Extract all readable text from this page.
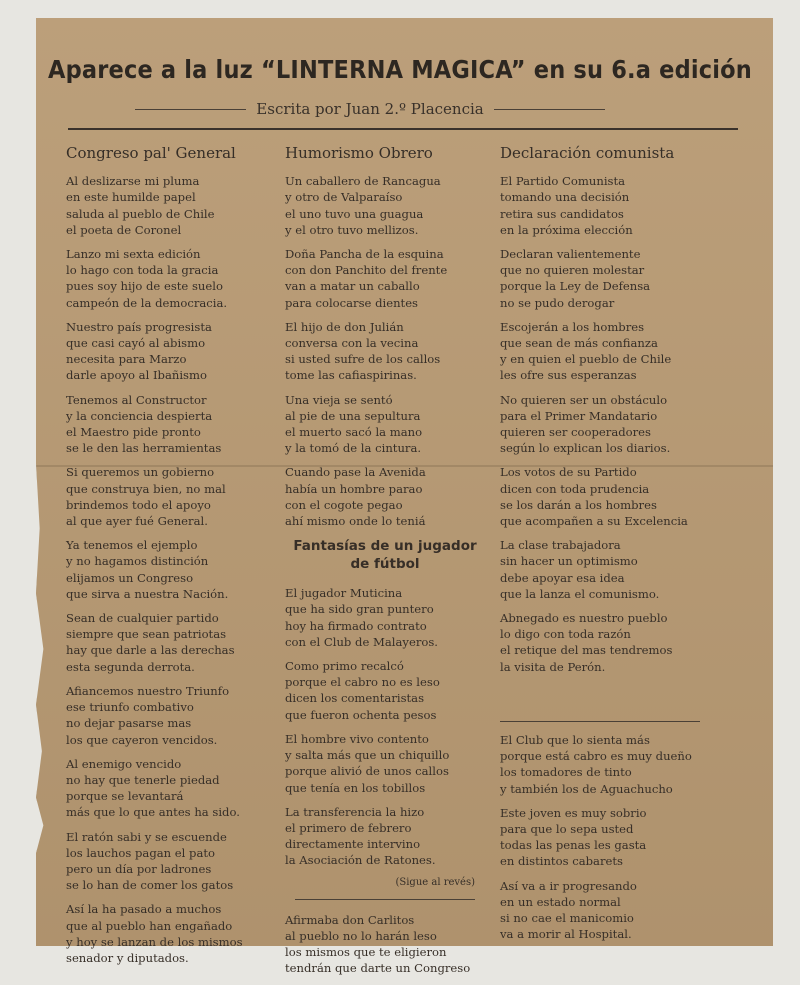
Aparece a la luz “LINTERNA MAGICA” en su 6.a edición
Escrita por Juan 2.º Placencia
Congreso pal' General
Al deslizarse mi pluma
en este humilde papel
saluda al pueblo de Chile
el poeta de Coronel
Lanzo mi sexta edición
lo hago con toda la gracia
pues soy hijo de este suelo
campeón de la democracia.
Nuestro país progresista
que casi cayó al abismo
necesita para Marzo
darle apoyo al Ibañismo
Tenemos al Constructor
y la conciencia despierta
el Maestro pide pronto
se le den las herramientas
Si queremos un gobierno
que construya bien, no mal
brindemos todo el apoyo
al que ayer fué General.
Ya tenemos el ejemplo
y no hagamos distinción
elijamos un Congreso
que sirva a nuestra Nación.
Sean de cualquier partido
siempre que sean patriotas
hay que darle a las derechas
esta segunda derrota.
Afiancemos nuestro Triunfo
ese triunfo combativo
no dejar pasarse mas
los que cayeron vencidos.
Al enemigo vencido
no hay que tenerle piedad
porque se levantará
más que lo que antes ha sido.
El ratón sabi y se escuende
los lauchos pagan el pato
pero un día por ladrones
se lo han de comer los gatos
Así la ha pasado a muchos
que al pueblo han engañado
y hoy se lanzan de los mismos
senador y diputados.
Humorismo Obrero
Un caballero de Rancagua
y otro de Valparaíso
el uno tuvo una guagua
y el otro tuvo mellizos.
Doña Pancha de la esquina
con don Panchito del frente
van a matar un caballo
para colocarse dientes
El hijo de don Julián
conversa con la vecina
si usted sufre de los callos
tome las cafiaspirinas.
Una vieja se sentó
al pie de una sepultura
el muerto sacó la mano
y la tomó de la cintura.
Cuando pase la Avenida
había un hombre parao
con el cogote pegao
ahí mismo onde lo teniá
Fantasías de un jugador de fútbol
El jugador Muticina
que ha sido gran puntero
hoy ha firmado contrato
con el Club de Malayeros.
Como primo recalcó
porque el cabro no es leso
dicen los comentaristas
que fueron ochenta pesos
El hombre vivo contento
y salta más que un chiquillo
porque alivió de unos callos
que tenía en los tobillos
La transferencia la hizo
el primero de febrero
directamente intervino
la Asociación de Ratones.
(Sigue al revés)
Afirmaba don Carlitos
al pueblo no lo harán leso
los mismos que te eligieron
tendrán que darte un Congreso
Declaración comunista
El Partido Comunista
tomando una decisión
retira sus candidatos
en la próxima elección
Declaran valientemente
que no quieren molestar
porque la Ley de Defensa
no se pudo derogar
Escojerán a los hombres
que sean de más confianza
y en quien el pueblo de Chile
les ofre sus esperanzas
No quieren ser un obstáculo
para el Primer Mandatario
quieren ser cooperadores
según lo explican los diarios.
Los votos de su Partido
dicen con toda prudencia
se los darán a los hombres
que acompañen a su Excelencia
La clase trabajadora
sin hacer un optimismo
debe apoyar esa idea
que la lanza el comunismo.
Abnegado es nuestro pueblo
lo digo con toda razón
el retique del mas tendremos
la visita de Perón.
El Club que lo sienta más
porque está cabro es muy dueño
los tomadores de tinto
y también los de Aguachucho
Este joven es muy sobrio
para que lo sepa usted
todas las penas les gasta
en distintos cabarets
Así va a ir progresando
en un estado normal
si no cae el manicomio
va a morir al Hospital.
